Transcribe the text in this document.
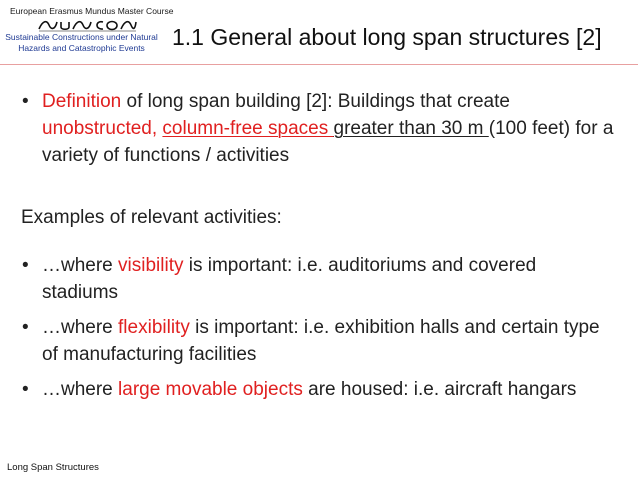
European Erasmus Mundus Master Course
Sustainable Constructions under Natural
Hazards and Catastrophic Events	1.1 General about long span structures [2]
• Definition of long span building [2]: Buildings that create unobstructed, column-free spaces greater than 30 m (100 feet) for a variety of functions / activities
Examples of relevant activities:
• …where visibility is important: i.e. auditoriums and covered stadiums
• …where flexibility is important: i.e. exhibition halls and certain type of manufacturing facilities
• …where large movable objects are housed: i.e. aircraft hangars
Long Span Structures
